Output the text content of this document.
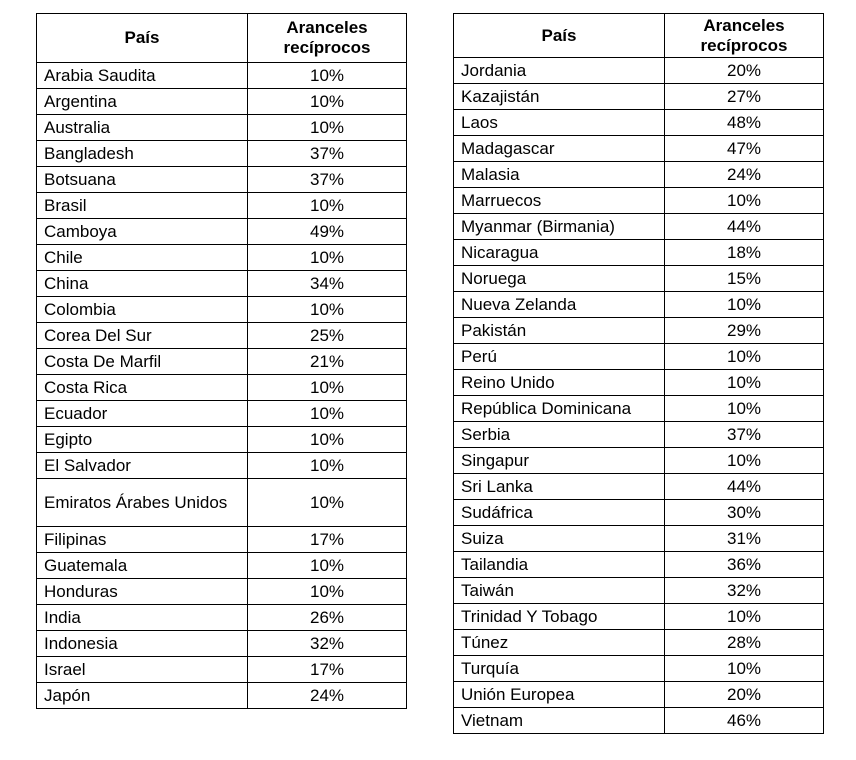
País	Aranceles recíprocos
Arabia Saudita	10%
Argentina	10%
Australia	10%
Bangladesh	37%
Botsuana	37%
Brasil	10%
Camboya	49%
Chile	10%
China	34%
Colombia	10%
Corea Del Sur	25%
Costa De Marfil	21%
Costa Rica	10%
Ecuador	10%
Egipto	10%
El Salvador	10%
Emiratos Árabes Unidos	10%
Filipinas	17%
Guatemala	10%
Honduras	10%
India	26%
Indonesia	32%
Israel	17%
Japón	24%
País	Aranceles recíprocos
Jordania	20%
Kazajistán	27%
Laos	48%
Madagascar	47%
Malasia	24%
Marruecos	10%
Myanmar (Birmania)	44%
Nicaragua	18%
Noruega	15%
Nueva Zelanda	10%
Pakistán	29%
Perú	10%
Reino Unido	10%
República Dominicana	10%
Serbia	37%
Singapur	10%
Sri Lanka	44%
Sudáfrica	30%
Suiza	31%
Tailandia	36%
Taiwán	32%
Trinidad Y Tobago	10%
Túnez	28%
Turquía	10%
Unión Europea	20%
Vietnam	46%
